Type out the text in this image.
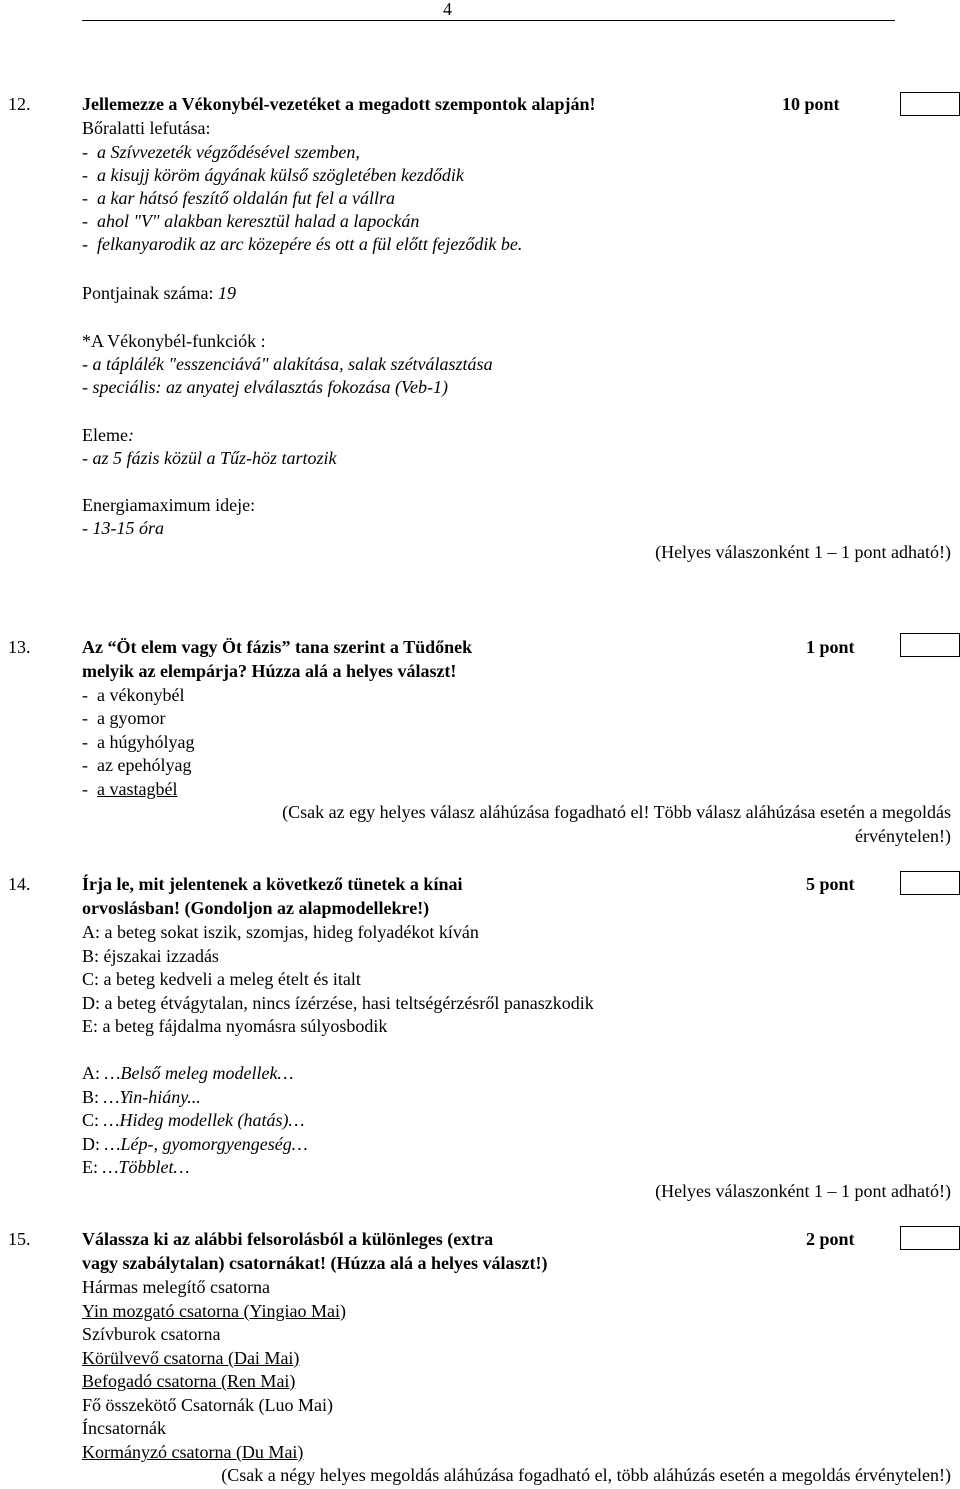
4
12.	Jellemezze a Vékonybél-vezetéket a megadott szempontok alapján!	10 pont
Bőralatti lefutása:
-  a Szívvezeték végződésével szemben,
-  a kisujj köröm ágyának külső szögletében kezdődik
-  a kar hátsó feszítő oldalán fut fel a vállra
-  ahol "V" alakban keresztül halad a lapockán
-  felkanyarodik az arc közepére és ott a fül előtt fejeződik be.
Pontjainak száma: 19
*A Vékonybél-funkciók :
- a táplálék "esszenciává" alakítása, salak szétválasztása
- speciális: az anyatej elválasztás fokozása (Veb-1)
Eleme:
- az 5 fázis közül a Tűz-höz tartozik
Energiamaximum ideje:
- 13-15 óra
(Helyes válaszonként 1 – 1 pont adható!)
13.	Az “Öt elem vagy Öt fázis” tana szerint a Tüdőnek	1 pont
melyik az elempárja? Húzza alá a helyes választ!
-  a vékonybél
-  a gyomor
-  a húgyhólyag
-  az epehólyag
-  a vastagbél
(Csak az egy helyes válasz aláhúzása fogadható el! Több válasz aláhúzása esetén a megoldás
érvénytelen!)
14.	Írja le, mit jelentenek a következő tünetek a kínai	5 pont
orvoslásban! (Gondoljon az alapmodellekre!)
A: a beteg sokat iszik, szomjas, hideg folyadékot kíván
B: éjszakai izzadás
C: a beteg kedveli a meleg ételt és italt
D: a beteg étvágytalan, nincs ízérzése, hasi teltségérzésről panaszkodik
E: a beteg fájdalma nyomásra súlyosbodik
A: …Belső meleg modellek…
B: …Yin-hiány...
C: …Hideg modellek (hatás)…
D: …Lép-, gyomorgyengeség…
E: …Többlet…
(Helyes válaszonként 1 – 1 pont adható!)
15.	Válassza ki az alábbi felsorolásból a különleges (extra	2 pont
vagy szabálytalan) csatornákat! (Húzza alá a helyes választ!)
Hármas melegítő csatorna
Yin mozgató csatorna (Yingiao Mai)
Szívburok csatorna
Körülvevő csatorna (Dai Mai)
Befogadó csatorna (Ren Mai)
Fő összekötő Csatornák (Luo Mai)
Íncsatornák
Kormányzó csatorna (Du Mai)
(Csak a négy helyes megoldás aláhúzása fogadható el, több aláhúzás esetén a megoldás érvénytelen!)
